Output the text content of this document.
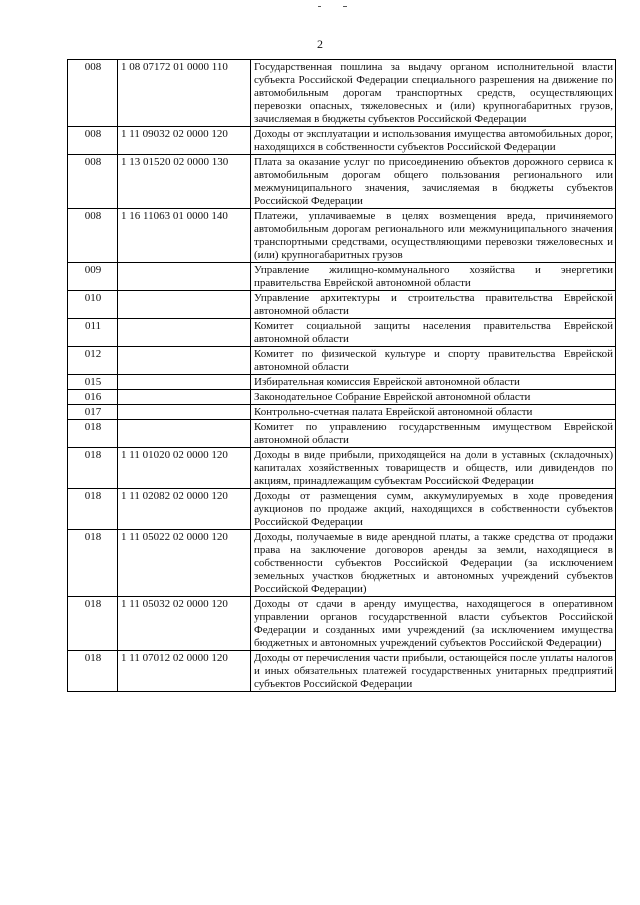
2
008	1 08 07172 01 0000 110	Государственная пошлина за выдачу органом исполнительной власти субъекта Российской Федерации специального разрешения на движение по автомобильным дорогам транспортных средств, осуществляющих перевозки опасных, тяжеловесных и (или) крупногабаритных грузов, зачисляемая в бюджеты субъектов Российской Федерации
008	1 11 09032 02 0000 120	Доходы от эксплуатации и использования имущества автомобильных дорог, находящихся в собственности субъектов Российской Федерации
008	1 13 01520 02 0000 130	Плата за оказание услуг по присоединению объектов дорожного сервиса к автомобильным дорогам общего пользования регионального или межмуниципального значения, зачисляемая в бюджеты субъектов Российской Федерации
008	1 16 11063 01 0000 140	Платежи, уплачиваемые в целях возмещения вреда, причиняемого автомобильным дорогам регионального или межмуниципального значения транспортными средствами, осуществляющими перевозки тяжеловесных и (или) крупногабаритных грузов
009		Управление жилищно-коммунального хозяйства и энергетики правительства Еврейской автономной области
010		Управление архитектуры и строительства правительства Еврейской автономной области
011		Комитет социальной защиты населения правительства Еврейской автономной области
012		Комитет по физической культуре и спорту правительства Еврейской автономной области
015		Избирательная комиссия Еврейской автономной области
016		Законодательное Собрание Еврейской автономной области
017		Контрольно-счетная палата Еврейской автономной области
018		Комитет по управлению государственным имуществом Еврейской автономной области
018	1 11 01020 02 0000 120	Доходы в виде прибыли, приходящейся на доли в уставных (складочных) капиталах хозяйственных товариществ и обществ, или дивидендов по акциям, принадлежащим субъектам Российской Федерации
018	1 11 02082 02 0000 120	Доходы от размещения сумм, аккумулируемых в ходе проведения аукционов по продаже акций, находящихся в собственности субъектов Российской Федерации
018	1 11 05022 02 0000 120	Доходы, получаемые в виде арендной платы, а также средства от продажи права на заключение договоров аренды за земли, находящиеся в собственности субъектов Российской Федерации (за исключением земельных участков бюджетных и автономных учреждений субъектов Российской Федерации)
018	1 11 05032 02 0000 120	Доходы от сдачи в аренду имущества, находящегося в оперативном управлении органов государственной власти субъектов Российской Федерации и созданных ими учреждений (за исключением имущества бюджетных и автономных учреждений субъектов Российской Федерации)
018	1 11 07012 02 0000 120	Доходы от перечисления части прибыли, остающейся после уплаты налогов и иных обязательных платежей государственных унитарных предприятий субъектов Российской Федерации
